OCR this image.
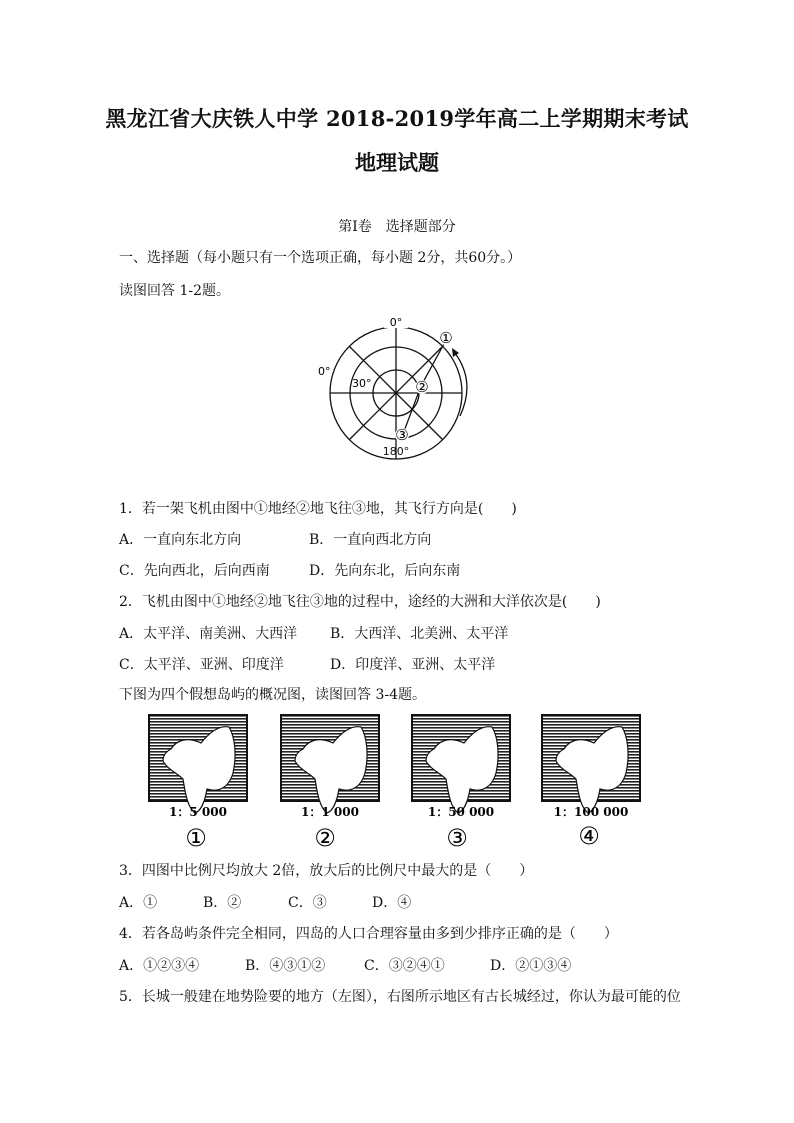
黑龙江省大庆铁人中学 2018-2019学年高二上学期期末考试
地理试题
第Ⅰ卷　选择题部分
一、选择题（每小题只有一个选项正确，每小题 2分，共60分。）
读图回答 1-2题。
0°
0°
30°
180°
①
②
③
1．若一架飞机由图中①地经②地飞往③地，其飞行方向是(　　)
A．一直向东北方向	B．一直向西北方向
C．先向西北，后向西南	D．先向东北，后向东南
2．飞机由图中①地经②地飞往③地的过程中，途经的大洲和大洋依次是(　　)
A．太平洋、南美洲、大西洋 B．大西洋、北美洲、太平洋
C．太平洋、亚洲、印度洋	D．印度洋、亚洲、太平洋
下图为四个假想岛屿的概况图，读图回答 3-4题。
1：5 000	1：1 000	1：50 000	1：100 000
①	②	③	④
3．四图中比例尺均放大 2倍，放大后的比例尺中最大的是（　　）
A．①	B．②	C．③	D．④
4．若各岛屿条件完全相同，四岛的人口合理容量由多到少排序正确的是（　　）
A．①②③④	B．④③①②	C．③②④①	D．②①③④
5．长城一般建在地势险要的地方（左图），右图所示地区有古长城经过，你认为最可能的位
